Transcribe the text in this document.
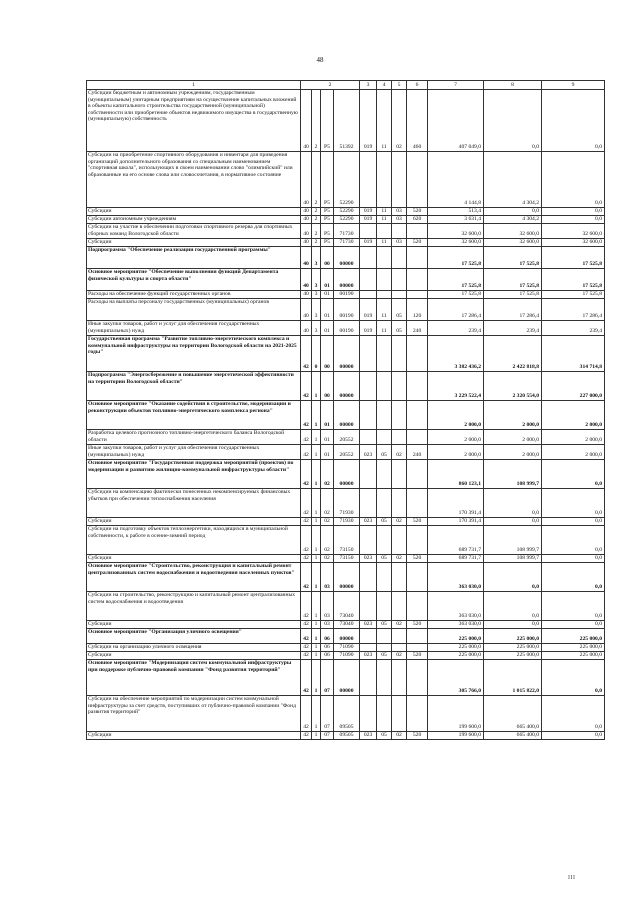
48
1	2				3	4	5	6	7	8	9
Субсидии бюджетным и автономным учреждениям, государственным (муниципальным) унитарным предприятиям на осуществление капитальных вложений в объекты капитального строительства государственной (муниципальной) собственности или приобретение объектов недвижимого имущества в государственную (муниципальную) собственность	40	2	P5	51392	019	11	02	460	407 049,0	0,0	0,0
Субсидии на приобретение спортивного оборудования и инвентаря для приведения организаций дополнительного образования со специальным наименованием "спортивная школа", использующих в своем наименовании слово "олимпийский" или образованные на его основе слова или словосочетания, в нормативное состояние	40	2	P5	52290					4 144,8	4 304,2	0,0
Субсидии	40	2	P5	52290	019	11	03	520	513,4	0,0	0,0
Субсидии автономным учреждениям	40	2	P5	52290	019	11	03	620	3 631,4	4 304,2	0,0
Субсидии на участие в обеспечении подготовки спортивного резерва для спортивных сборных команд Вологодской области	40	2	P5	71730					32 600,0	32 600,0	32 600,0
Субсидии	40	2	P5	71730	019	11	03	520	32 600,0	32 600,0	32 600,0
Подпрограмма "Обеспечение реализации государственной программы"	40	3	00	00000					17 525,8	17 525,8	17 525,8
Основное мероприятие "Обеспечение выполнения функций Департамента физической культуры и спорта области"	40	3	01	00000					17 525,8	17 525,8	17 525,8
Расходы на обеспечение функций государственных органов	40	3	01	00190					17 525,8	17 525,8	17 525,8
Расходы на выплаты персоналу государственных (муниципальных) органов	40	3	01	00190	019	11	05	120	17 286,4	17 286,4	17 286,4
Иные закупки товаров, работ и услуг для обеспечения государственных (муниципальных) нужд	40	3	01	00190	019	11	05	240	239,4	239,4	239,4
Государственная программа "Развитие топливно-энергетического комплекса и коммунальной инфраструктуры на территории Вологодской области на 2021-2025 годы"	42	0	00	00000					3 382 436,2	2 422 818,8	314 714,8
Подпрограмма "Энергосбережение и повышение энергетической эффективности на территории Вологодской области"	42	1	00	00000					3 229 522,4	2 320 554,0	227 000,0
Основное мероприятие "Оказание содействия в строительстве, модернизации и реконструкции объектов топливно-энергетического комплекса региона"	42	1	01	00000					2 000,0	2 000,0	2 000,0
Разработка целевого прогнозного топливно-энергетического баланса Вологодской области	42	1	01	20552					2 000,0	2 000,0	2 000,0
Иные закупки товаров, работ и услуг для обеспечения государственных (муниципальных) нужд	42	1	01	20552	023	05	02	240	2 000,0	2 000,0	2 000,0
Основное мероприятие "Государственная поддержка мероприятий (проектов) по модернизации и развитию жилищно-коммунальной инфраструктуры области"	42	1	02	00000					860 123,1	108 999,7	0,0
Субсидии на компенсацию фактически понесенных некомпенсируемых финансовых убытков при обеспечении теплоснабжения населения	42	1	02	71930					170 391,4	0,0	0,0
Субсидии	42	1	02	71930	023	05	02	520	170 391,4	0,0	0,0
Субсидии на подготовку объектов теплоэнергетики, находящихся в муниципальной собственности, к работе в осенне-зимний период	42	1	02	73150					689 731,7	108 999,7	0,0
Субсидии	42	1	02	73150	023	05	02	520	689 731,7	108 999,7	0,0
Основное мероприятие "Строительство, реконструкция и капитальный ремонт централизованных систем водоснабжения и водоотведения населенных пунктов"	42	1	03	00000					363 030,0	0,0	0,0
Субсидии на строительство, реконструкцию и капитальный ремонт централизованных систем водоснабжения и водоотведения	42	1	03	73040					363 030,0	0,0	0,0
Субсидии	42	1	03	73040	023	05	02	520	363 030,0	0,0	0,0
Основное мероприятие "Организация уличного освещения"	42	1	06	00000					225 000,0	225 000,0	225 000,0
Субсидии на организацию уличного освещения	42	1	06	71090					225 000,0	225 000,0	225 000,0
Субсидии	42	1	06	71090	023	05	02	520	225 000,0	225 000,0	225 000,0
Основное мероприятие "Модернизация систем коммунальной инфраструктуры при поддержке публично-правовой компании "Фонд развития территорий"	42	1	07	00000					305 766,0	1 015 822,0	0,0
Субсидии на обеспечение мероприятий по модернизации систем коммунальной инфраструктуры за счет средств, поступивших от публично-правовой компании "Фонд развития территорий"	42	1	07	09505					199 600,0	665 400,0	0,0
Субсидии	42	1	07	09505	023	05	02	520	199 600,0	665 400,0	0,0
III
